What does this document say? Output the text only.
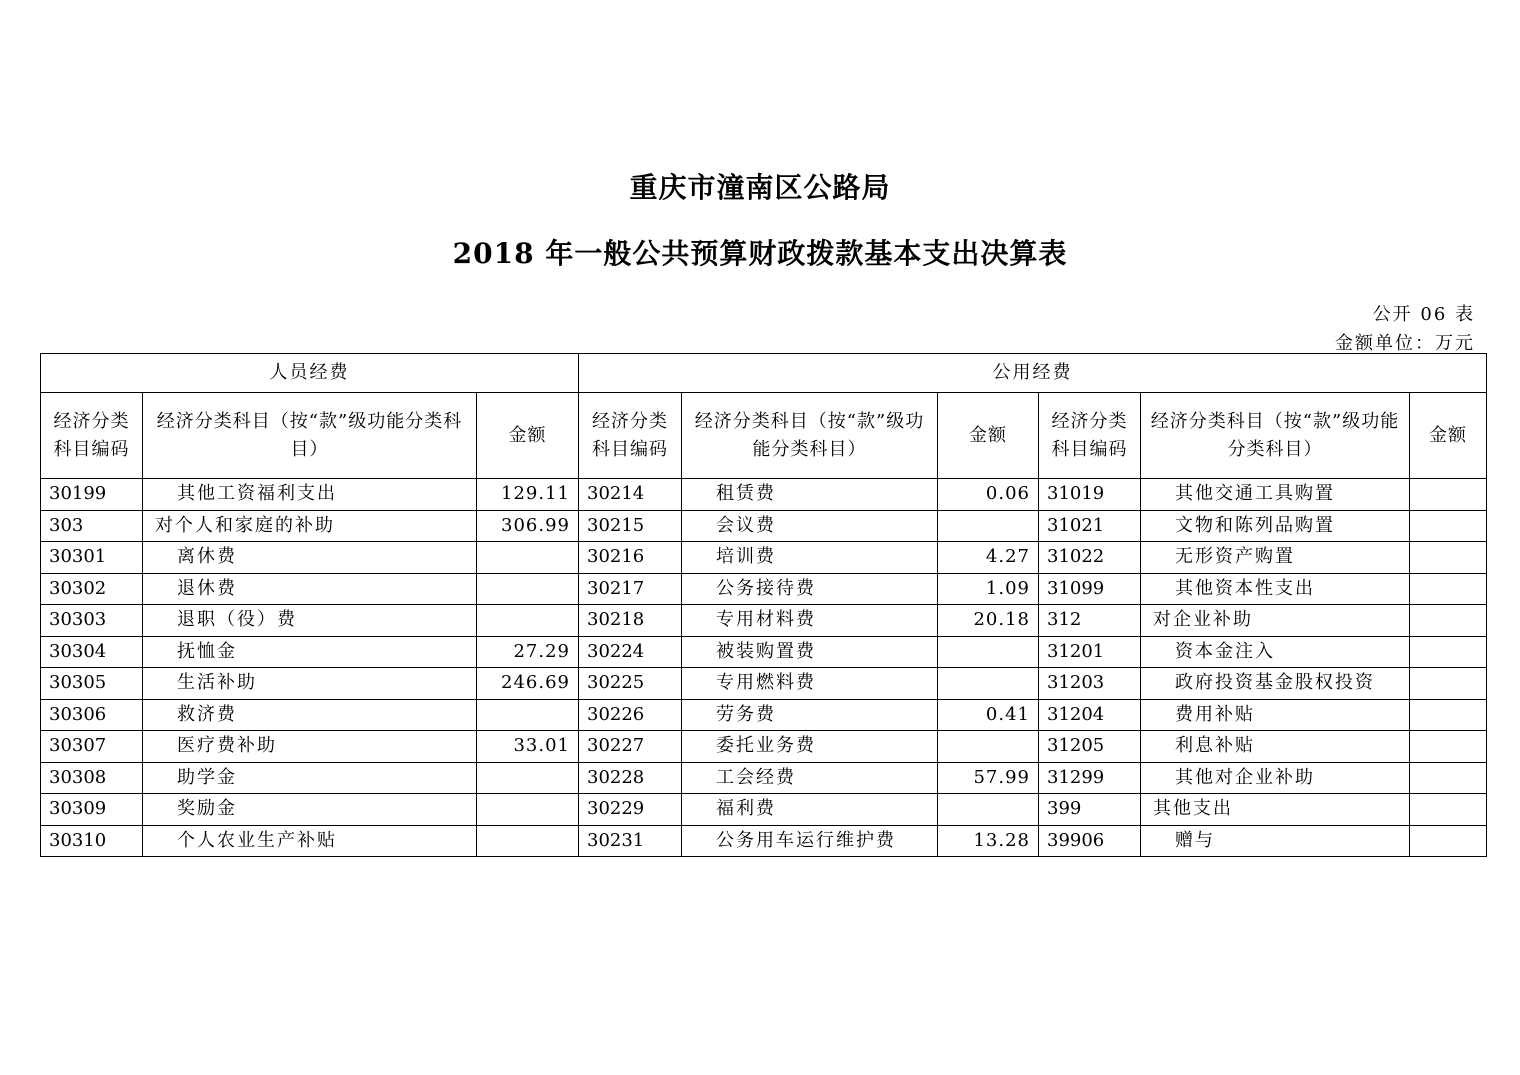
重庆市潼南区公路局
2018 年一般公共预算财政拨款基本支出决算表
公开 06 表
金额单位：万元
人员经费			公用经费					
经济分类科目编码	经济分类科目（按“款”级功能分类科目）	金额	经济分类科目编码	经济分类科目（按“款”级功能分类科目）	金额	经济分类科目编码	经济分类科目（按“款”级功能分类科目）	金额
30199	其他工资福利支出	129.11	30214	租赁费	0.06	31019	其他交通工具购置	
303	对个人和家庭的补助	306.99	30215	会议费		31021	文物和陈列品购置	
30301	离休费		30216	培训费	4.27	31022	无形资产购置	
30302	退休费		30217	公务接待费	1.09	31099	其他资本性支出	
30303	退职（役）费		30218	专用材料费	20.18	312	对企业补助	
30304	抚恤金	27.29	30224	被装购置费		31201	资本金注入	
30305	生活补助	246.69	30225	专用燃料费		31203	政府投资基金股权投资	
30306	救济费		30226	劳务费	0.41	31204	费用补贴	
30307	医疗费补助	33.01	30227	委托业务费		31205	利息补贴	
30308	助学金		30228	工会经费	57.99	31299	其他对企业补助	
30309	奖励金		30229	福利费		399	其他支出	
30310	个人农业生产补贴		30231	公务用车运行维护费	13.28	39906	赠与	
